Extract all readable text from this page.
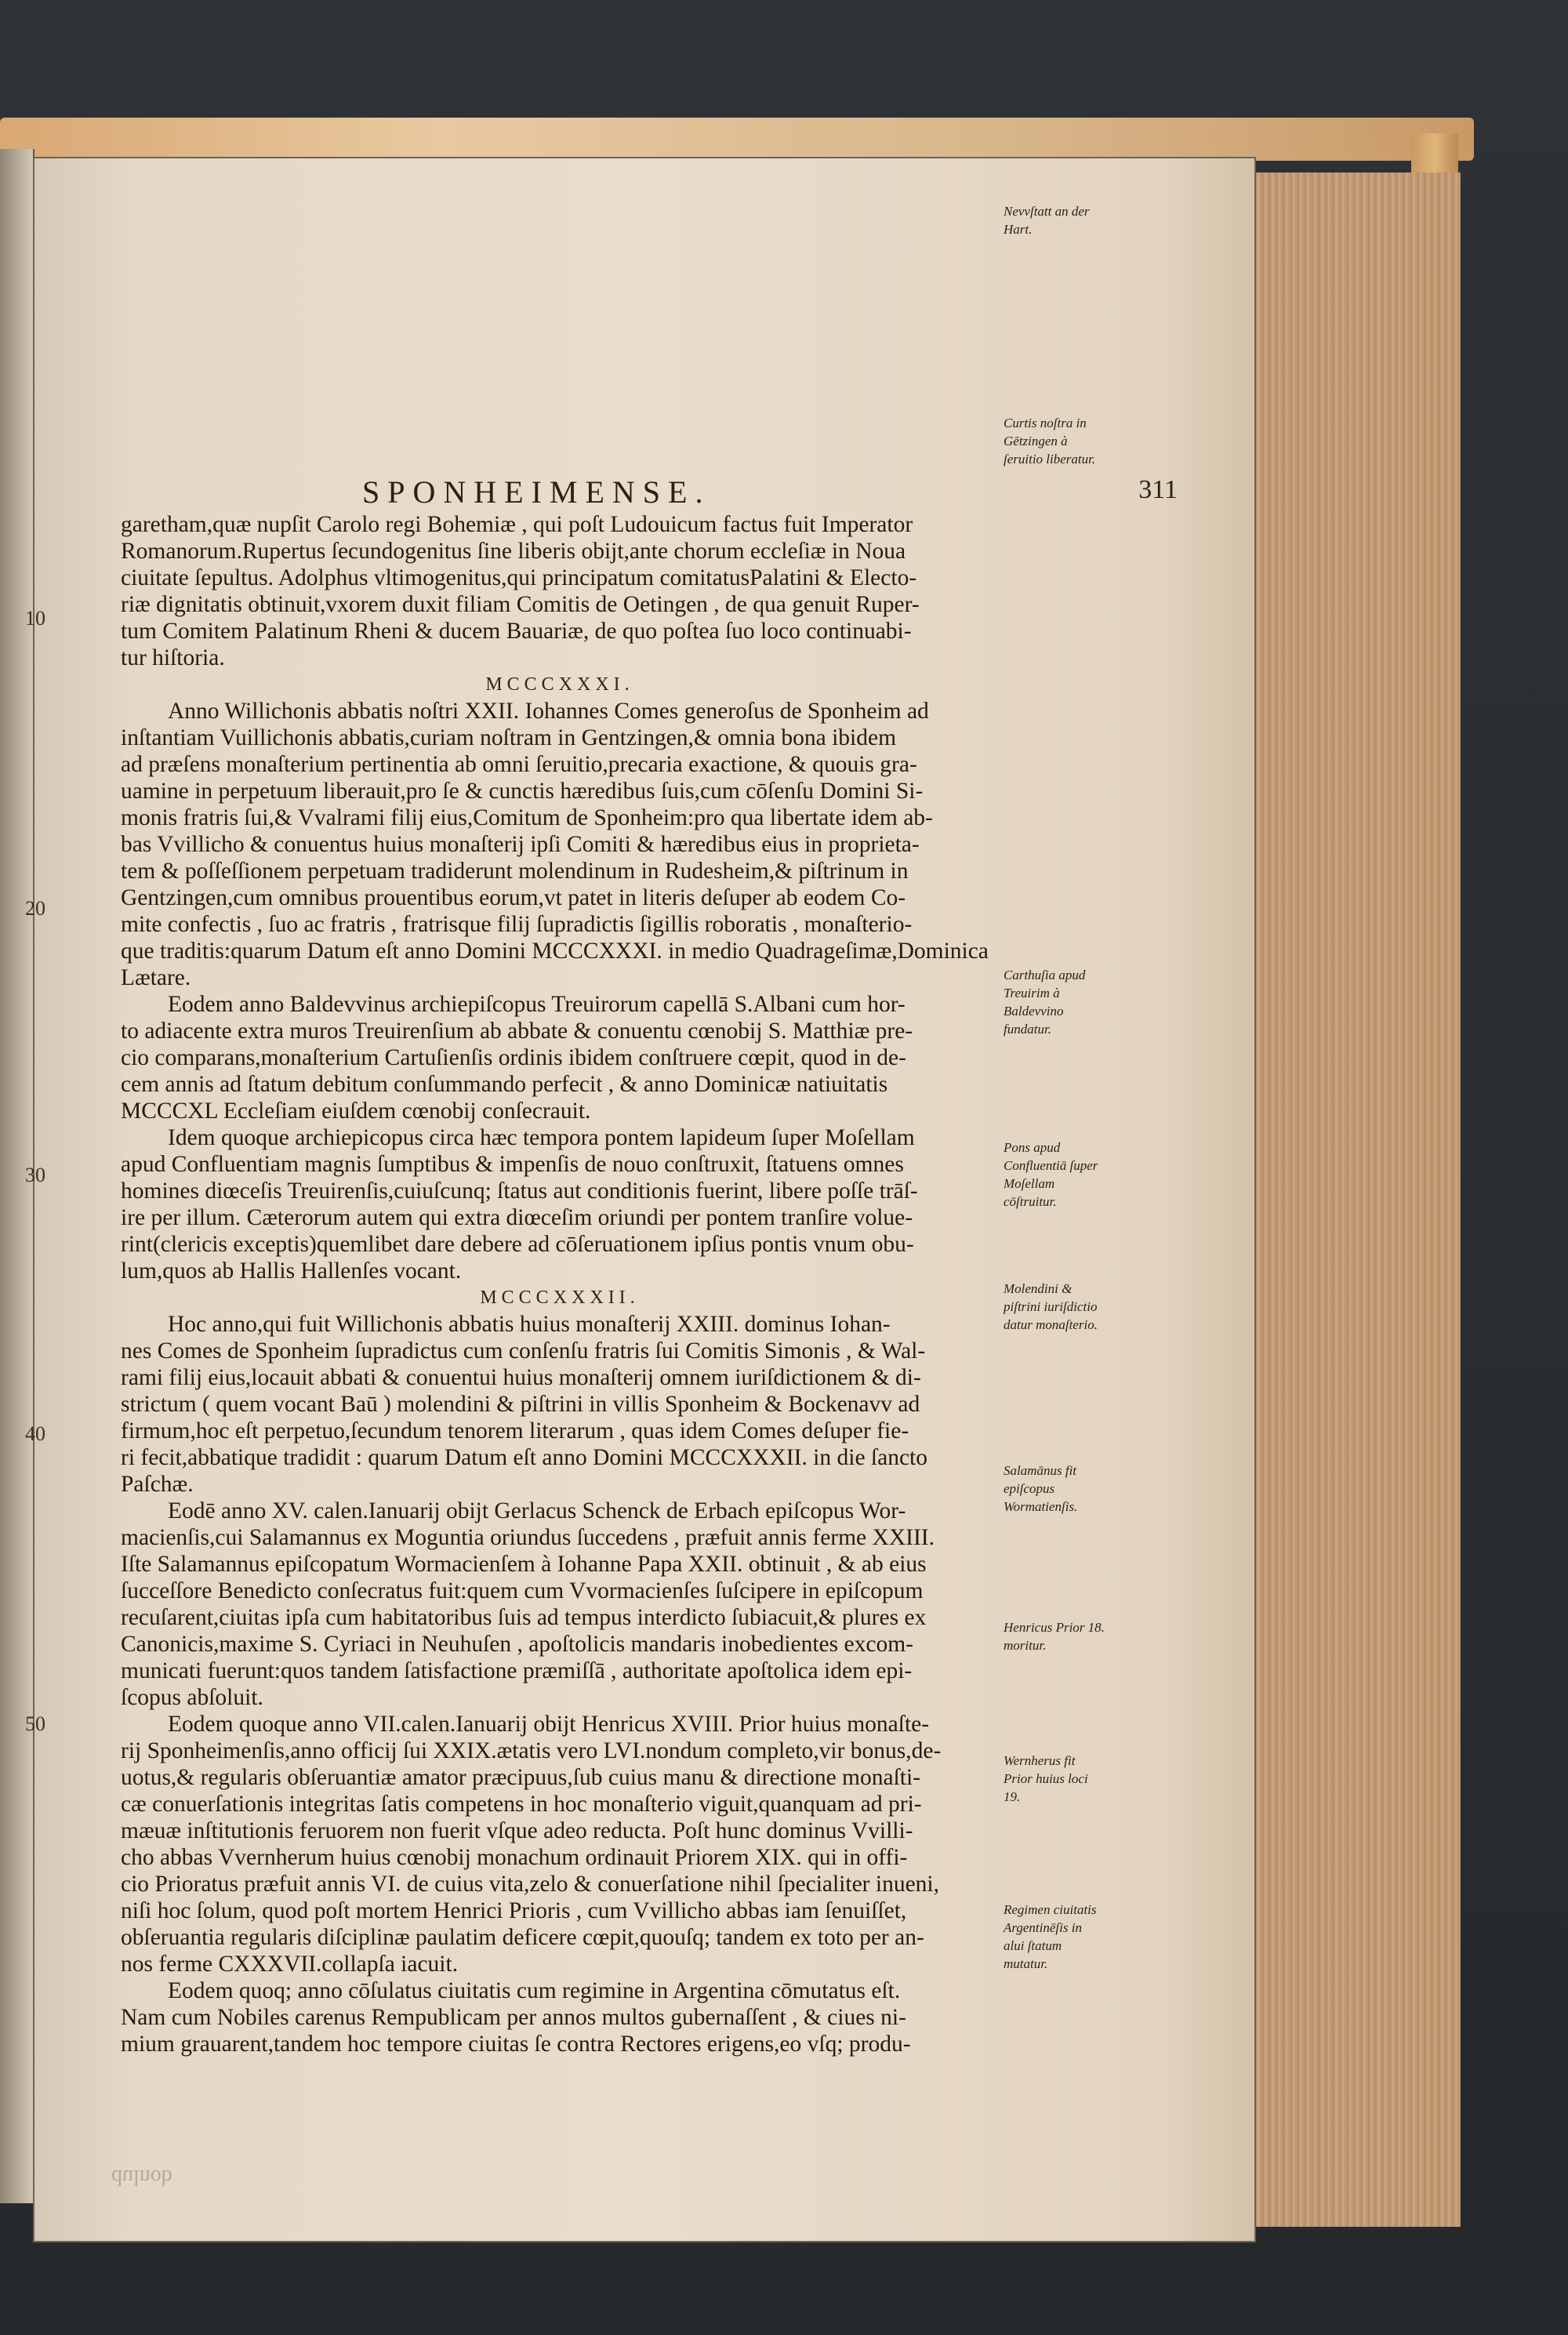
SPONHEIMENSE.	311
garetham,quæ nupſit Carolo regi Bohemiæ , qui poſt Ludouicum factus fuit Imperator
Romanorum.Rupertus ſecundogenitus ſine liberis obijt,ante chorum eccleſiæ in Noua
ciuitate ſepultus. Adolphus vltimogenitus,qui principatum comitatusPalatini & Electo-
riæ dignitatis obtinuit,vxorem duxit filiam Comitis de Oetingen , de qua genuit Ruper-
tum Comitem Palatinum Rheni & ducem Bauariæ, de quo poſtea ſuo loco continuabi-
tur hiſtoria.
MCCCXXXI.
Anno Willichonis abbatis noſtri XXII. Iohannes Comes generoſus de Sponheim ad
inſtantiam Vuillichonis abbatis,curiam noſtram in Gentzingen,& omnia bona ibidem
ad præſens monaſterium pertinentia ab omni ſeruitio,precaria exactione, & quouis gra-
uamine in perpetuum liberauit,pro ſe & cunctis hæredibus ſuis,cum cōſenſu Domini Si-
monis fratris ſui,& Vvalrami filij eius,Comitum de Sponheim:pro qua libertate idem ab-
bas Vvillicho & conuentus huius monaſterij ipſi Comiti & hæredibus eius in proprieta-
tem & poſſeſſionem perpetuam tradiderunt molendinum in Rudesheim,& piſtrinum in
Gentzingen,cum omnibus prouentibus eorum,vt patet in literis deſuper ab eodem Co-
mite confectis , ſuo ac fratris , fratrisque filij ſupradictis ſigillis roboratis , monaſterio-
que traditis:quarum Datum eſt anno Domini MCCCXXXI. in medio Quadrageſimæ,Dominica
Lætare.
Eodem anno Baldevvinus archiepiſcopus Treuirorum capellā S.Albani cum hor-
to adiacente extra muros Treuirenſium ab abbate & conuentu cœnobij S. Matthiæ pre-
cio comparans,monaſterium Cartuſienſis ordinis ibidem conſtruere cœpit, quod in de-
cem annis ad ſtatum debitum conſummando perfecit , & anno Dominicæ natiuitatis
MCCCXL Eccleſiam eiuſdem cœnobij conſecrauit.
Idem quoque archiepicopus circa hæc tempora pontem lapideum ſuper Moſellam
apud Confluentiam magnis ſumptibus & impenſis de nouo conſtruxit, ſtatuens omnes
homines diœceſis Treuirenſis,cuiuſcunq; ſtatus aut conditionis fuerint, libere poſſe trāſ-
ire per illum. Cæterorum autem qui extra diœceſim oriundi per pontem tranſire volue-
rint(clericis exceptis)quemlibet dare debere ad cōſeruationem ipſius pontis vnum obu-
lum,quos ab Hallis Hallenſes vocant.
MCCCXXXII.
Hoc anno,qui fuit Willichonis abbatis huius monaſterij XXIII. dominus Iohan-
nes Comes de Sponheim ſupradictus cum conſenſu fratris ſui Comitis Simonis , & Wal-
rami filij eius,locauit abbati & conuentui huius monaſterij omnem iuriſdictionem & di-
strictum ( quem vocant Baū ) molendini & piſtrini in villis Sponheim & Bockenavv ad
firmum,hoc eſt perpetuo,ſecundum tenorem literarum , quas idem Comes deſuper fie-
ri fecit,abbatique tradidit : quarum Datum eſt anno Domini MCCCXXXII. in die ſancto
Paſchæ.
Eodē anno XV. calen.Ianuarij obijt Gerlacus Schenck de Erbach epiſcopus Wor-
macienſis,cui Salamannus ex Moguntia oriundus ſuccedens , præfuit annis ferme XXIII.
Iſte Salamannus epiſcopatum Wormacienſem à Iohanne Papa XXII. obtinuit , & ab eius
ſucceſſore Benedicto conſecratus fuit:quem cum Vvormacienſes ſuſcipere in epiſcopum
recuſarent,ciuitas ipſa cum habitatoribus ſuis ad tempus interdicto ſubiacuit,& plures ex
Canonicis,maxime S. Cyriaci in Neuhuſen , apoſtolicis mandaris inobedientes excom-
municati fuerunt:quos tandem ſatisfactione præmiſſā , authoritate apoſtolica idem epi-
ſcopus abſoluit.
Eodem quoque anno VII.calen.Ianuarij obijt Henricus XVIII. Prior huius monaſte-
rij Sponheimenſis,anno officij ſui XXIX.ætatis vero LVI.nondum completo,vir bonus,de-
uotus,& regularis obſeruantiæ amator præcipuus,ſub cuius manu & directione monaſti-
cæ conuerſationis integritas ſatis competens in hoc monaſterio viguit,quanquam ad pri-
mæuæ inſtitutionis feruorem non fuerit vſque adeo reducta. Poſt hunc dominus Vvilli-
cho abbas Vvernherum huius cœnobij monachum ordinauit Priorem XIX. qui in offi-
cio Prioratus præfuit annis VI. de cuius vita,zelo & conuerſatione nihil ſpecialiter inueni,
niſi hoc ſolum, quod poſt mortem Henrici Prioris , cum Vvillicho abbas iam ſenuiſſet,
obſeruantia regularis diſciplinæ paulatim deficere cœpit,quouſq; tandem ex toto per an-
nos ferme CXXXVII.collapſa iacuit.
Eodem quoq; anno cōſulatus ciuitatis cum regimine in Argentina cōmutatus eſt.
Nam cum Nobiles carenus Rempublicam per annos multos gubernaſſent , & ciues ni-
mium grauarent,tandem hoc tempore ciuitas ſe contra Rectores erigens,eo vſq; produ-
Nevvſtatt an der Hart.
Curtis noſtra in Gētzingen à ſeruitio liberatur.
Carthuſia apud Treuirim à Baldevvino fundatur.
Pons apud Confluentiā ſuper Moſellam cōſtruitur.
Molendini & piſtrini iuriſdictio datur monaſterio.
Salamānus fit epiſcopus Wormatienſis.
Henricus Prior 18. moritur.
Wernherus fit Prior huius loci 19.
Regimen ciuitatis Argentinēſis in alui ſtatum mutatur.
10
20
30
40
50
dulnob
